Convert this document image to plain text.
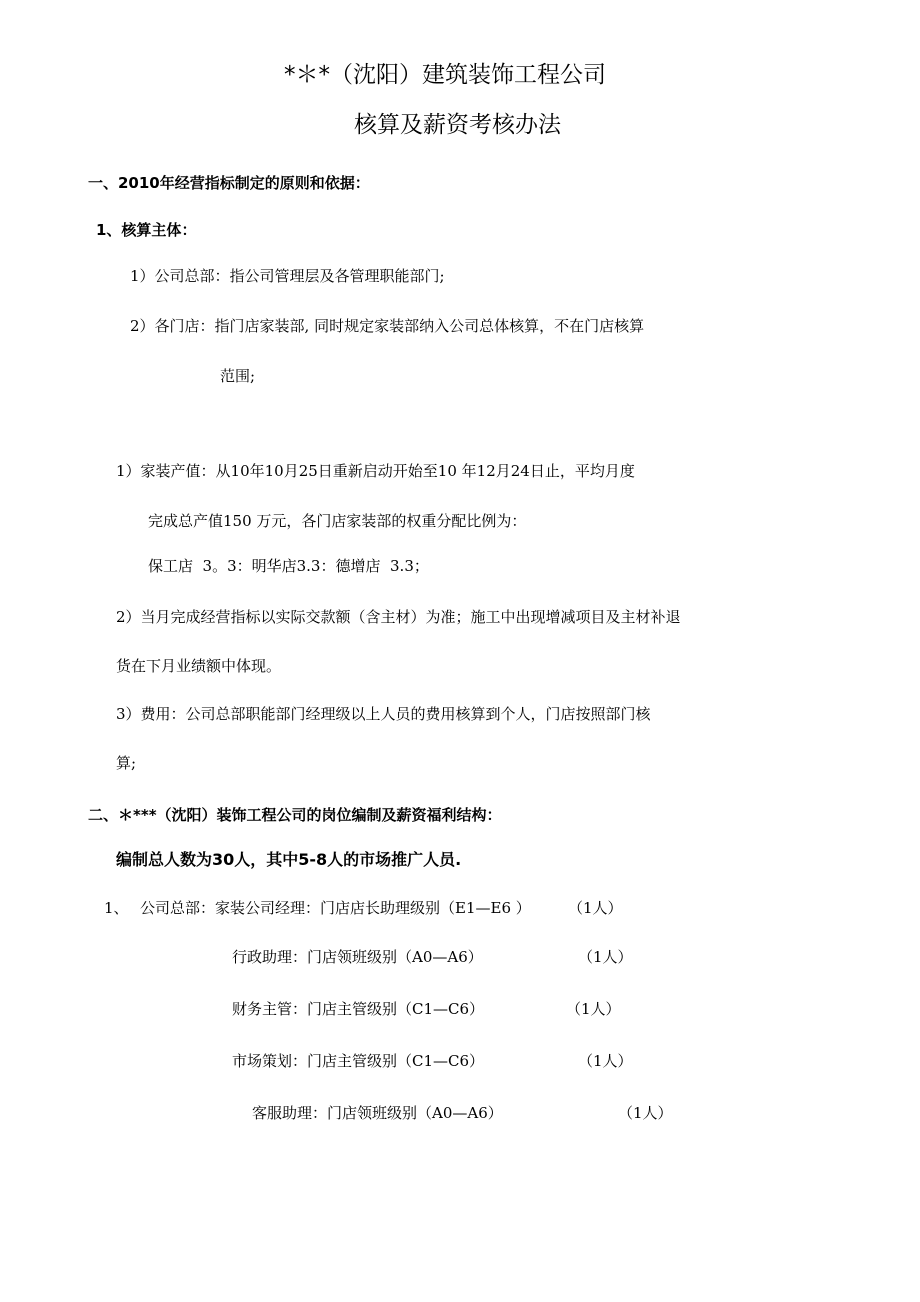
*＊*（沈阳）建筑装饰工程公司
核算及薪资考核办法
一、2010年经营指标制定的原则和依据：
1、核算主体：
1）公司总部：指公司管理层及各管理职能部门;
2）各门店：指门店家装部, 同时规定家装部纳入公司总体核算，不在门店核算
范围;
1）家装产值：从10年10月25日重新启动开始至10 年12月24日止，平均月度
完成总产值150 万元，各门店家装部的权重分配比例为：
保工店  3。3：明华店3.3：德增店  3.3；
2）当月完成经营指标以实际交款额（含主材）为准；施工中出现增减项目及主材补退
货在下月业绩额中体现。
3）费用：公司总部职能部门经理级以上人员的费用核算到个人，门店按照部门核
算;
二、＊***（沈阳）装饰工程公司的岗位编制及薪资福利结构：
编制总人数为30人，其中5-8人的市场推广人员.
1、 公司总部：家装公司经理：门店店长助理级别（E1—E6 ） （1人）
行政助理：门店领班级别（A0—A6）	（1人）
财务主管：门店主管级别（C1—C6）	（1人）
市场策划：门店主管级别（C1—C6）	（1人）
客服助理：门店领班级别（A0—A6）	（1人）
